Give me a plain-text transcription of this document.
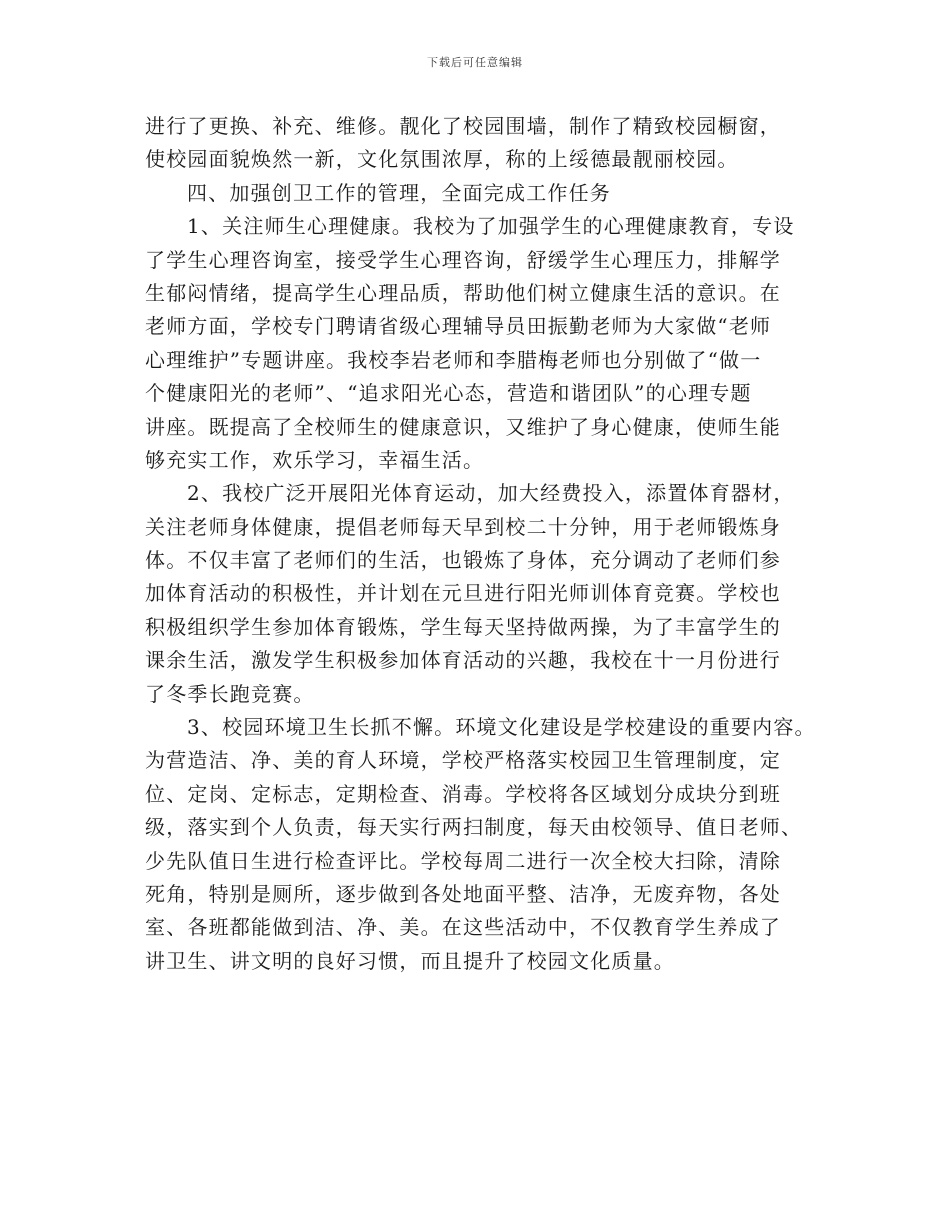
下载后可任意编辑
进行了更换、补充、维修。靓化了校园围墙，制作了精致校园橱窗，
使校园面貌焕然一新，文化氛围浓厚，称的上绥德最靓丽校园。
四、加强创卫工作的管理，全面完成工作任务
1、关注师生心理健康。我校为了加强学生的心理健康教育，专设
了学生心理咨询室，接受学生心理咨询，舒缓学生心理压力，排解学
生郁闷情绪，提高学生心理品质，帮助他们树立健康生活的意识。在
老师方面，学校专门聘请省级心理辅导员田振勤老师为大家做“老师
心理维护”专题讲座。我校李岩老师和李腊梅老师也分别做了“做一
个健康阳光的老师”、“追求阳光心态，营造和谐团队”的心理专题
讲座。既提高了全校师生的健康意识，又维护了身心健康，使师生能
够充实工作，欢乐学习，幸福生活。
2、我校广泛开展阳光体育运动，加大经费投入，添置体育器材，
关注老师身体健康，提倡老师每天早到校二十分钟，用于老师锻炼身
体。不仅丰富了老师们的生活，也锻炼了身体，充分调动了老师们参
加体育活动的积极性，并计划在元旦进行阳光师训体育竞赛。学校也
积极组织学生参加体育锻炼，学生每天坚持做两操，为了丰富学生的
课余生活，激发学生积极参加体育活动的兴趣，我校在十一月份进行
了冬季长跑竞赛。
3、校园环境卫生长抓不懈。环境文化建设是学校建设的重要内容。
为营造洁、净、美的育人环境，学校严格落实校园卫生管理制度，定
位、定岗、定标志，定期检查、消毒。学校将各区域划分成块分到班
级，落实到个人负责，每天实行两扫制度，每天由校领导、值日老师、
少先队值日生进行检查评比。学校每周二进行一次全校大扫除，清除
死角，特别是厕所，逐步做到各处地面平整、洁净，无废弃物，各处
室、各班都能做到洁、净、美。在这些活动中，不仅教育学生养成了
讲卫生、讲文明的良好习惯，而且提升了校园文化质量。
